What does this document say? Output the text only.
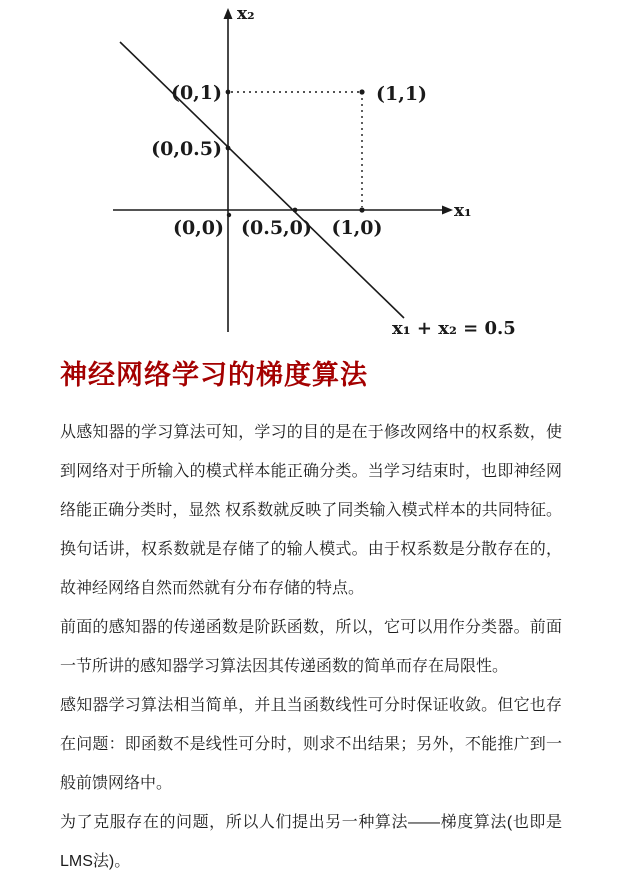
(0,1)	(1,1)
(0,0.5)
(0,0) (0.5,0) (1,0)
x₂
x₁
x₁ + x₂ = 0.5
神经网络学习的梯度算法

从感知器的学习算法可知，学习的目的是在于修改网络中的权系数，使到网络对于所输入的模式样本能正确分类。当学习结束时，也即神经网络能正确分类时，显然 权系数就反映了同类输入模式样本的共同特征。换句话讲，权系数就是存储了的输人模式。由于权系数是分散存在的，故神经网络自然而然就有分布存储的特点。

前面的感知器的传递函数是阶跃函数，所以，它可以用作分类器。前面一节所讲的感知器学习算法因其传递函数的简单而存在局限性。

感知器学习算法相当简单，并且当函数线性可分时保证收敛。但它也存在问题：即函数不是线性可分时，则求不出结果；另外，不能推广到一般前馈网络中。

为了克服存在的问题，所以人们提出另一种算法——梯度算法(也即是LMS法)。
